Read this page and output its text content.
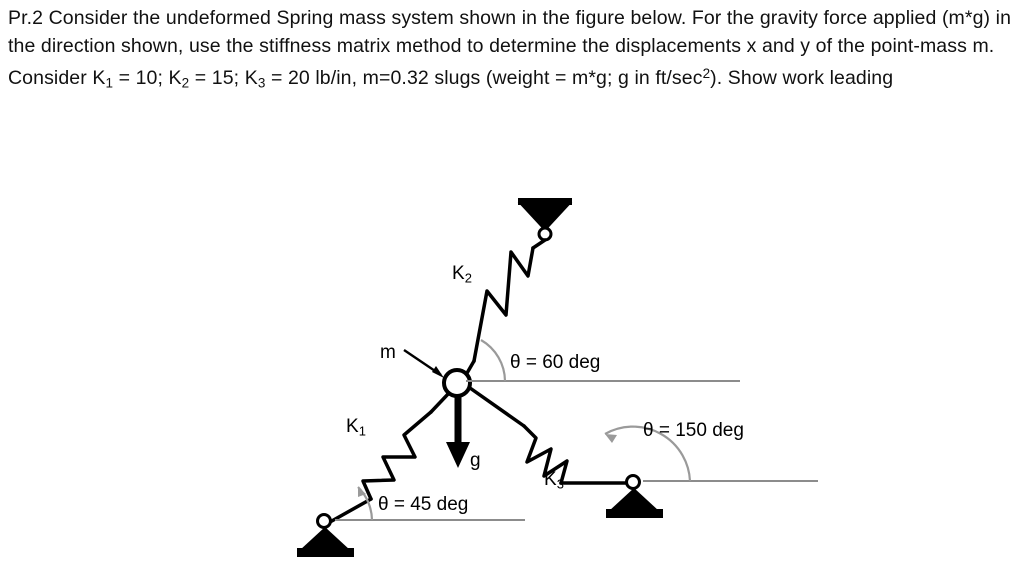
Pr.2 Consider the undeformed Spring mass system shown in the figure below. For the gravity force applied (m*g) in the direction shown, use the stiffness matrix method to determine the displacements x and y of the point-mass m. Consider $K_1 = 10$; $K_2 = 15$; $K_3 = 20$ lb/in, m=0.32 slugs (weight = m*g; g in $ft/\sec^2$). Show work leading
$K_2$
$K_1$
$K_3$
m
g
θ = 60 deg
θ = 150 deg
θ = 45 deg
